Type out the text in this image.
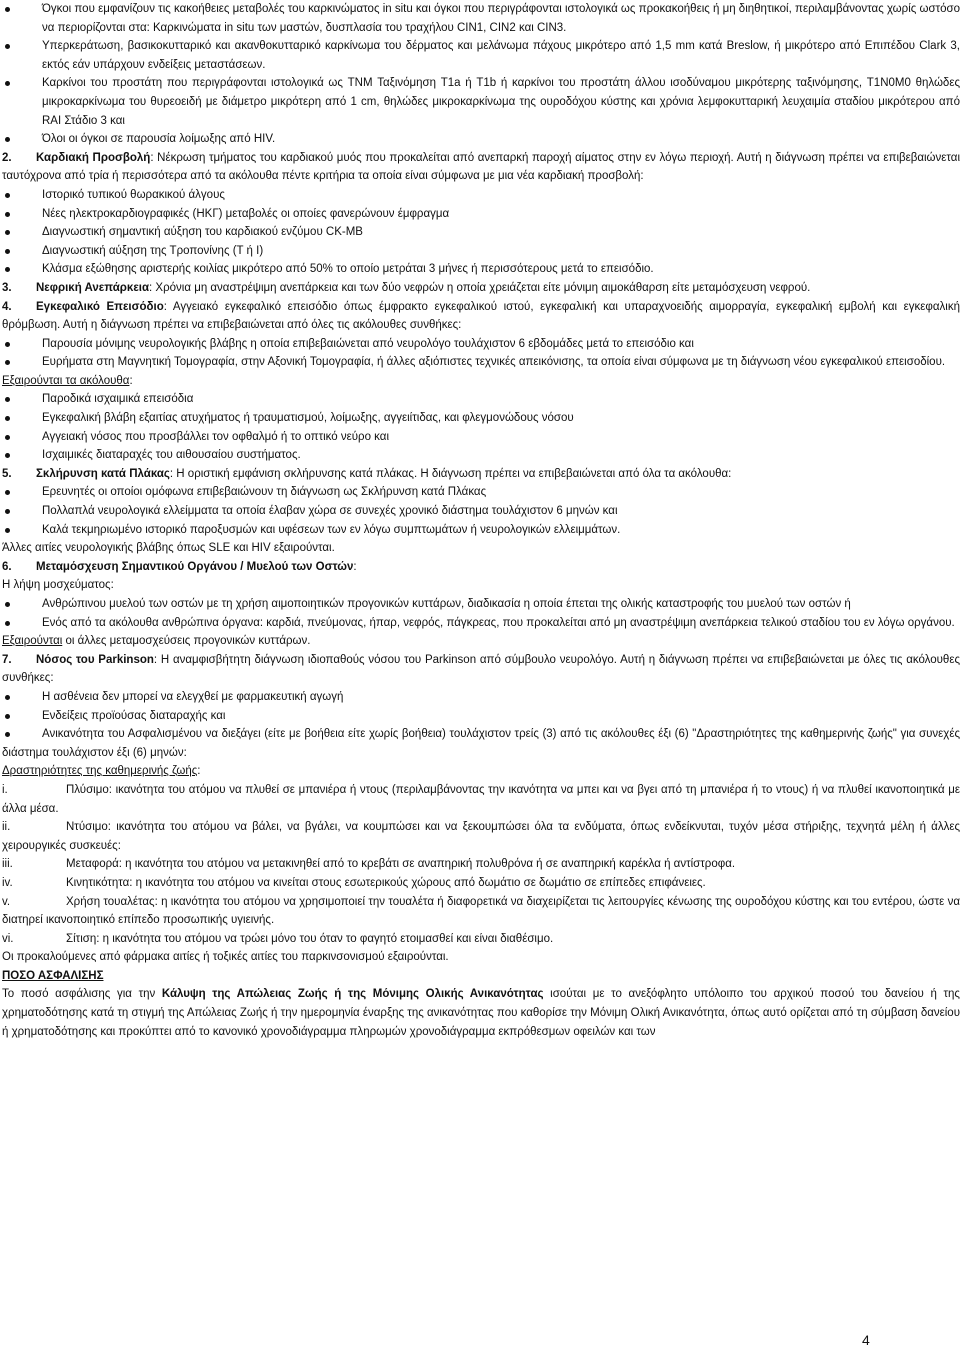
Όγκοι που εμφανίζουν τις κακοήθειες μεταβολές του καρκινώματος in situ και όγκοι που περιγράφονται ιστολογικά ως προκακοήθεις ή μη διηθητικοί, περιλαμβάνοντας χωρίς ωστόσο να περιορίζονται στα: Καρκινώματα in situ των μαστών, δυσπλασία του τραχήλου CIN1, CIN2 και CIN3.
Υπερκεράτωση, βασικοκυτταρικό και ακανθοκυτταρικό καρκίνωμα του δέρματος και μελάνωμα πάχους μικρότερο από 1,5 mm κατά Breslow, ή μικρότερο από Επιπέδου Clark 3, εκτός εάν υπάρχουν ενδείξεις μεταστάσεων.
Καρκίνοι του προστάτη που περιγράφονται ιστολογικά ως TNM Ταξινόμηση T1a ή T1b ή καρκίνοι του προστάτη άλλου ισοδύναμου μικρότερης ταξινόμησης, T1N0M0 θηλώδες μικροκαρκίνωμα του θυρεοειδή με διάμετρο μικρότερη από 1 cm, θηλώδες μικροκαρκίνωμα της ουροδόχου κύστης και χρόνια λεμφοκυτταρική λευχαιμία σταδίου μικρότερου από RAI Στάδιο 3 και
Όλοι οι όγκοι σε παρουσία λοίμωξης από HIV.
2. Καρδιακή Προσβολή: Νέκρωση τμήματος του καρδιακού μυός που προκαλείται από ανεπαρκή παροχή αίματος στην εν λόγω περιοχή. Αυτή η διάγνωση πρέπει να επιβεβαιώνεται ταυτόχρονα από τρία ή περισσότερα από τα ακόλουθα πέντε κριτήρια τα οποία είναι σύμφωνα με μια νέα καρδιακή προσβολή:
Ιστορικό τυπικού θωρακικού άλγους
Νέες ηλεκτροκαρδιογραφικές (ΗΚΓ) μεταβολές οι οποίες φανερώνουν έμφραγμα
Διαγνωστική σημαντική αύξηση του καρδιακού ενζύμου CK-MB
Διαγνωστική αύξηση της Τροπονίνης (T ή I)
Κλάσμα εξώθησης αριστερής κοιλίας μικρότερο από 50% το οποίο μετράται 3 μήνες ή περισσότερους μετά το επεισόδιο.
3. Νεφρική Ανεπάρκεια: Χρόνια μη αναστρέψιμη ανεπάρκεια και των δύο νεφρών η οποία χρειάζεται είτε μόνιμη αιμοκάθαρση είτε μεταμόσχευση νεφρού.
4. Εγκεφαλικό Επεισόδιο: Αγγειακό εγκεφαλικό επεισόδιο όπως έμφρακτο εγκεφαλικού ιστού, εγκεφαλική και υπαραχνοειδής αιμορραγία, εγκεφαλική εμβολή και εγκεφαλική θρόμβωση. Αυτή η διάγνωση πρέπει να επιβεβαιώνεται από όλες τις ακόλουθες συνθήκες:
Παρουσία μόνιμης νευρολογικής βλάβης η οποία επιβεβαιώνεται από νευρολόγο τουλάχιστον 6 εβδομάδες μετά το επεισόδιο και
Ευρήματα στη Μαγνητική Τομογραφία, στην Αξονική Τομογραφία, ή άλλες αξιόπιστες τεχνικές απεικόνισης, τα οποία είναι σύμφωνα με τη διάγνωση νέου εγκεφαλικού επεισοδίου.
Εξαιρούνται τα ακόλουθα:
Παροδικά ισχαιμικά επεισόδια
Εγκεφαλική βλάβη εξαιτίας ατυχήματος ή τραυματισμού, λοίμωξης, αγγειίτιδας, και φλεγμονώδους νόσου
Αγγειακή νόσος που προσβάλλει τον οφθαλμό ή το οπτικό νεύρο και
Ισχαιμικές διαταραχές του αιθουσαίου συστήματος.
5. Σκλήρυνση κατά Πλάκας: Η οριστική εμφάνιση σκλήρυνσης κατά πλάκας. Η διάγνωση πρέπει να επιβεβαιώνεται από όλα τα ακόλουθα:
Ερευνητές οι οποίοι ομόφωνα επιβεβαιώνουν τη διάγνωση ως Σκλήρυνση κατά Πλάκας
Πολλαπλά νευρολογικά ελλείμματα τα οποία έλαβαν χώρα σε συνεχές χρονικό διάστημα τουλάχιστον 6 μηνών και
Καλά τεκμηριωμένο ιστορικό παροξυσμών και υφέσεων των εν λόγω συμπτωμάτων ή νευρολογικών ελλειμμάτων.
Άλλες αιτίες νευρολογικής βλάβης όπως SLE και HIV εξαιρούνται.
6. Μεταμόσχευση Σημαντικού Οργάνου / Μυελού των Οστών:
Η λήψη μοσχεύματος:
Ανθρώπινου μυελού των οστών με τη χρήση αιμοποιητικών προγονικών κυττάρων, διαδικασία η οποία έπεται της ολικής καταστροφής του μυελού των οστών ή
Ενός από τα ακόλουθα ανθρώπινα όργανα: καρδιά, πνεύμονας, ήπαρ, νεφρός, πάγκρεας, που προκαλείται από μη αναστρέψιμη ανεπάρκεια τελικού σταδίου του εν λόγω οργάνου.
Εξαιρούνται οι άλλες μεταμοσχεύσεις προγονικών κυττάρων.
7. Νόσος του Parkinson: Η αναμφισβήτητη διάγνωση ιδιοπαθούς νόσου του Parkinson από σύμβουλο νευρολόγο. Αυτή η διάγνωση πρέπει να επιβεβαιώνεται με όλες τις ακόλουθες συνθήκες:
Η ασθένεια δεν μπορεί να ελεγχθεί με φαρμακευτική αγωγή
Ενδείξεις προϊούσας διαταραχής και
Ανικανότητα του Ασφαλισμένου να διεξάγει (είτε με βοήθεια είτε χωρίς βοήθεια) τουλάχιστον τρείς (3) από τις ακόλουθες έξι (6) "Δραστηριότητες της καθημερινής ζωής" για συνεχές διάστημα τουλάχιστον έξι (6) μηνών:
Δραστηριότητες της καθημερινής ζωής:
i.	Πλύσιμο: ικανότητα του ατόμου να πλυθεί σε μπανιέρα ή ντους (περιλαμβάνοντας την ικανότητα να μπει και να βγει από τη μπανιέρα ή το ντους) ή να πλυθεί ικανοποιητικά με άλλα μέσα.
ii.	Ντύσιμο: ικανότητα του ατόμου να βάλει, να βγάλει, να κουμπώσει και να ξεκουμπώσει όλα τα ενδύματα, όπως ενδείκνυται, τυχόν μέσα στήριξης, τεχνητά μέλη ή άλλες χειρουργικές συσκευές:
iii.	Μεταφορά: η ικανότητα του ατόμου να μετακινηθεί από το κρεβάτι σε αναπηρική πολυθρόνα ή σε αναπηρική καρέκλα ή αντίστροφα.
iv.	Κινητικότητα: η ικανότητα του ατόμου να κινείται στους εσωτερικούς χώρους από δωμάτιο σε δωμάτιο σε επίπεδες επιφάνειες.
v.	Χρήση τουαλέτας: η ικανότητα του ατόμου να χρησιμοποιεί την τουαλέτα ή διαφορετικά να διαχειρίζεται τις λειτουργίες κένωσης της ουροδόχου κύστης και του εντέρου, ώστε να διατηρεί ικανοποιητικό επίπεδο προσωπικής υγιεινής.
vi.	Σίτιση: η ικανότητα του ατόμου να τρώει μόνο του όταν το φαγητό ετοιμασθεί και είναι διαθέσιμο.
Οι προκαλούμενες από φάρμακα αιτίες ή τοξικές αιτίες του παρκινσονισμού εξαιρούνται.
ΠΟΣΟ ΑΣΦΑΛΙΣΗΣ
Το ποσό ασφάλισης για την Κάλυψη της Απώλειας Ζωής ή της Μόνιμης Ολικής Ανικανότητας ισούται με το ανεξόφλητο υπόλοιπο του αρχικού ποσού του δανείου ή της χρηματοδότησης κατά τη στιγμή της Απώλειας Ζωής ή την ημερομηνία έναρξης της ανικανότητας που καθορίσε την Μόνιμη Ολική Ανικανότητα, όπως αυτό ορίζεται από τη σύμβαση δανείου ή χρηματοδότησης και προκύπτει από το κανονικό χρονοδιάγραμμα πληρωμών χρονοδιάγραμμα εκπρόθεσμων οφειλών και των
4
